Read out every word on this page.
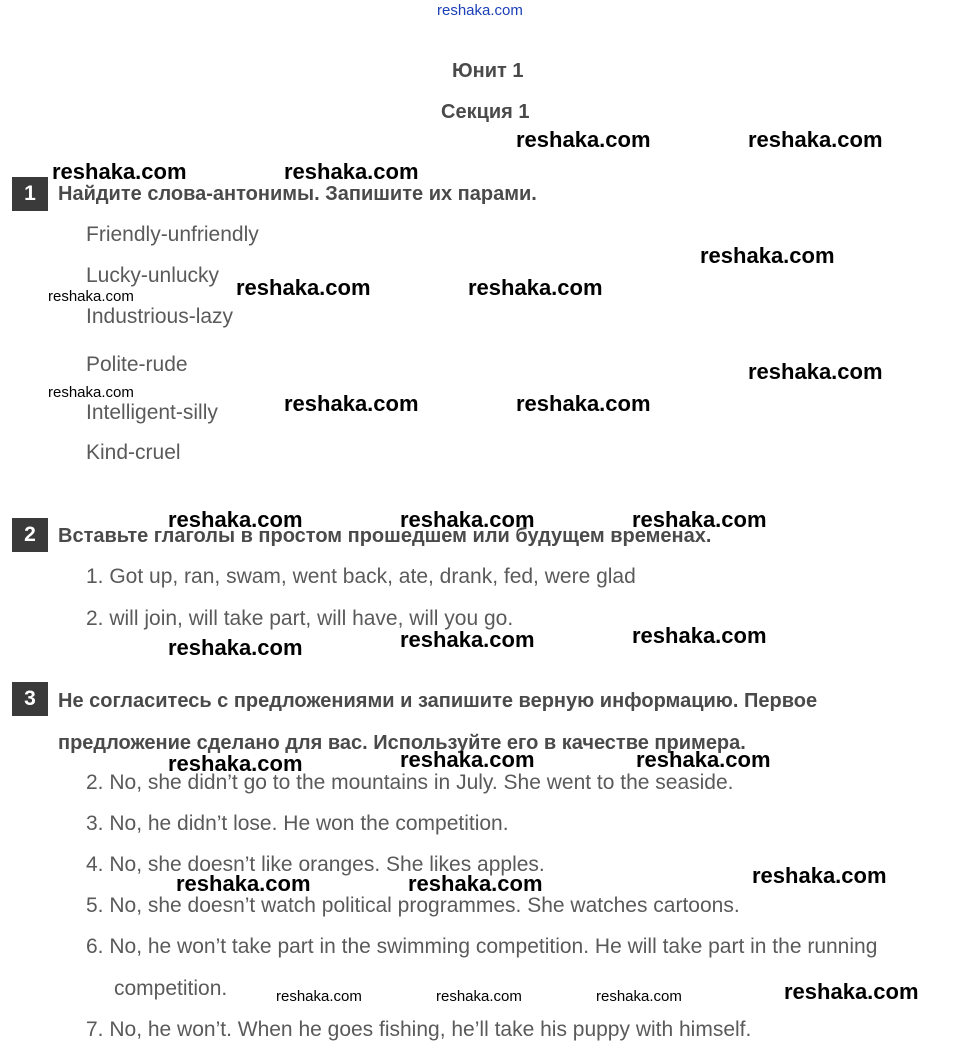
reshaka.com
Юнит 1
Секция 1
1	Найдите слова-антонимы. Запишите их парами.
Friendly-unfriendly
Lucky-unlucky
Industrious-lazy
Polite-rude
Intelligent-silly
Kind-cruel
2	Вставьте глаголы в простом прошедшем или будущем временах.
1. Got up, ran, swam, went back, ate, drank, fed, were glad
2. will join, will take part, will have, will you go.
3	Не согласитесь с предложениями и запишите верную информацию. Первое
предложение сделано для вас. Используйте его в качестве примера.
2. No, she didn’t go to the mountains in July. She went to the seaside.
3. No, he didn’t lose. He won the competition.
4. No, she doesn’t like oranges. She likes apples.
5. No, she doesn’t watch political programmes. She watches cartoons.
6. No, he won’t take part in the swimming competition. He will take part in the running
competition.
7. No, he won’t. When he goes fishing, he’ll take his puppy with himself.
reshaka.com	reshaka.com
reshaka.com	reshaka.com
reshaka.com
reshaka.com	reshaka.com
reshaka.com
reshaka.com	reshaka.com
reshaka.com	reshaka.com	reshaka.com
reshaka.com	reshaka.com
reshaka.com
reshaka.com	reshaka.com	reshaka.com
reshaka.com	reshaka.com	reshaka.com
reshaka.com
reshaka.com
reshaka.com
reshaka.com	reshaka.com	reshaka.com
